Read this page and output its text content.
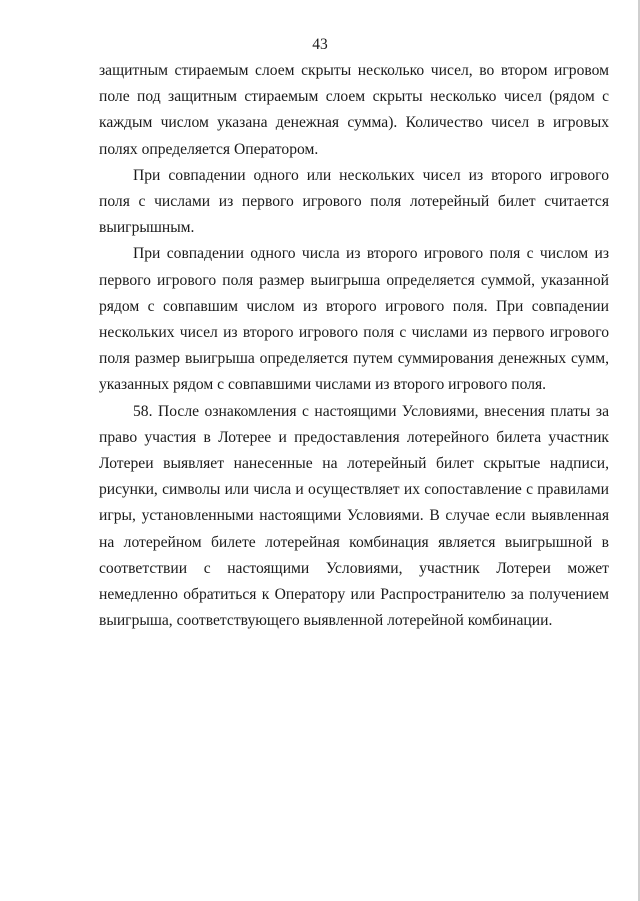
43

защитным стираемым слоем скрыты несколько чисел, во втором игровом поле под защитным стираемым слоем скрыты несколько чисел (рядом с каждым числом указана денежная сумма). Количество чисел в игровых полях определяется Оператором.

При совпадении одного или нескольких чисел из второго игрового поля с числами из первого игрового поля лотерейный билет считается выигрышным.

При совпадении одного числа из второго игрового поля с числом из первого игрового поля размер выигрыша определяется суммой, указанной рядом с совпавшим числом из второго игрового поля. При совпадении нескольких чисел из второго игрового поля с числами из первого игрового поля размер выигрыша определяется путем суммирования денежных сумм, указанных рядом с совпавшими числами из второго игрового поля.

58. После ознакомления с настоящими Условиями, внесения платы за право участия в Лотерее и предоставления лотерейного билета участник Лотереи выявляет нанесенные на лотерейный билет скрытые надписи, рисунки, символы или числа и осуществляет их сопоставление с правилами игры, установленными настоящими Условиями. В случае если выявленная на лотерейном билете лотерейная комбинация является выигрышной в соответствии с настоящими Условиями, участник Лотереи может немедленно обратиться к Оператору или Распространителю за получением выигрыша, соответствующего выявленной лотерейной комбинации.
